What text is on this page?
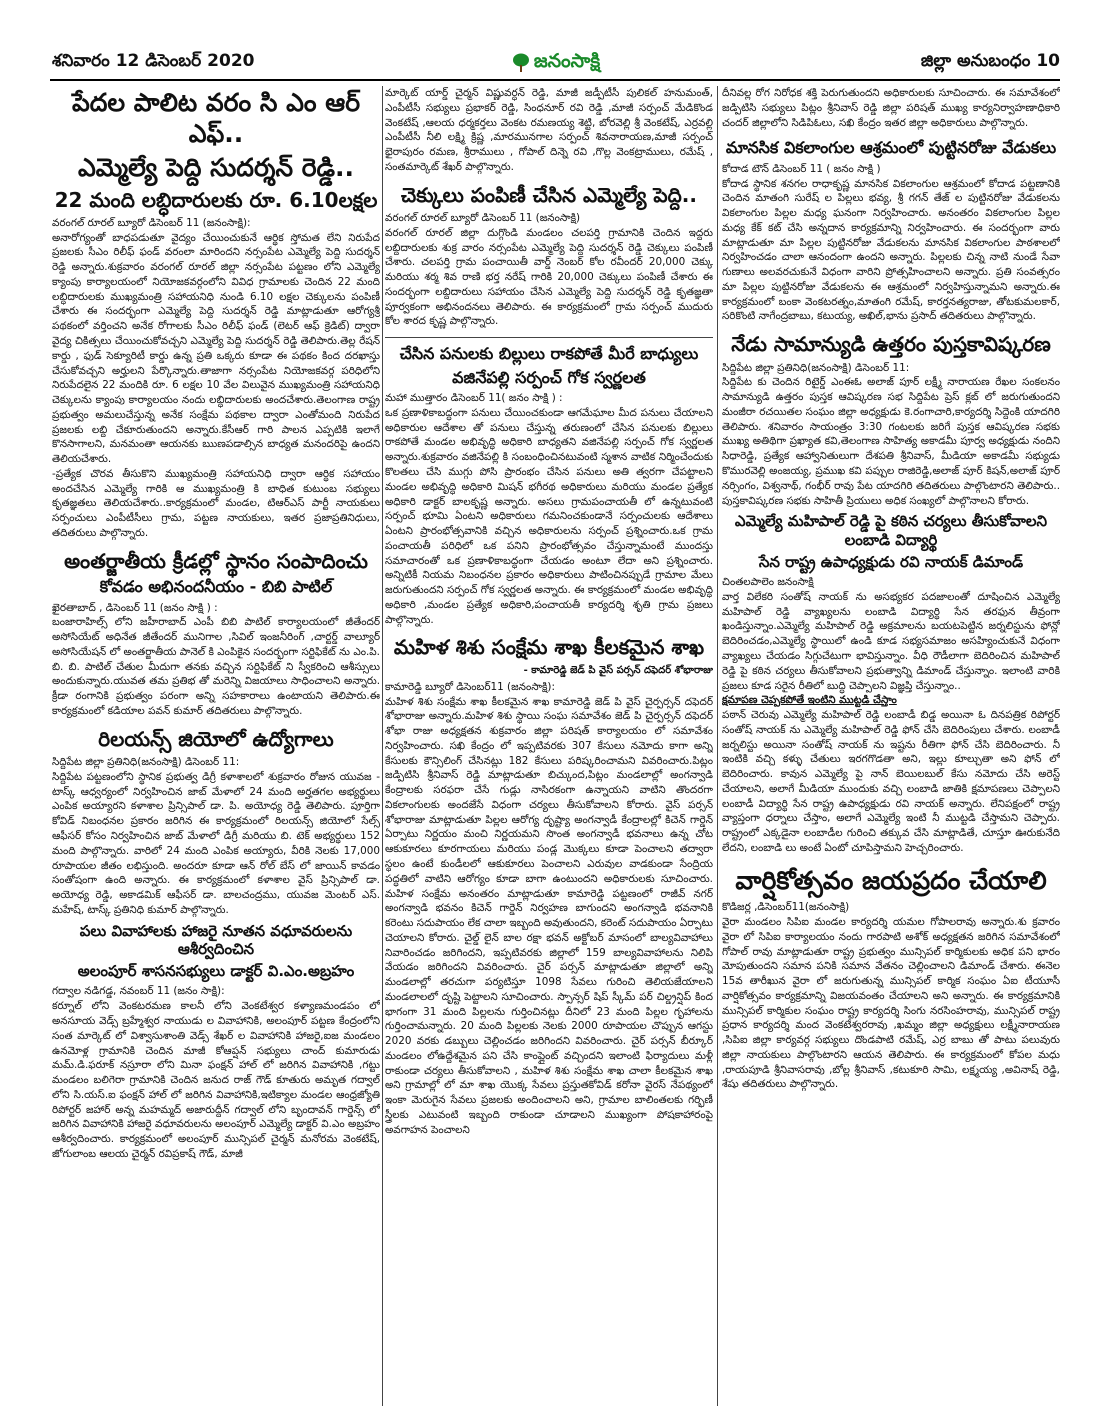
శనివారం 12 డిసెంబర్ 2020	జనంసాక్షి	జిల్లా అనుబంధం 10
పేదల పాలిట వరం సి ఎం ఆర్ ఎఫ్..
ఎమ్మెల్యే పెద్ది సుదర్శన్ రెడ్డి..
22 మంది లబ్ధిదారులకు రూ. 6.10లక్షల
వరంగల్ రూరల్ బ్యూరో డిసెంబర్ 11 (జనంసాక్షి):

అనారోగ్యంతో బాధపడుతూ వైద్యం చేయించుకునే ఆర్థిక స్తోమత లేని నిరుపేద ప్రజలకు సీఎం రిలీఫ్ ఫండ్ వరంలా మారిందని నర్సంపేట ఎమ్మెల్యే పెద్ది సుదర్శన్ రెడ్డి అన్నారు.శుక్రవారం వరంగల్ రూరల్ జిల్లా నర్సంపేట పట్టణం లోని ఎమ్మెల్యే క్యాంపు కార్యాలయంలో నియోజకవర్గంలోని వివిధ గ్రామాలకు చెందిన 22 మంది లబ్ధిదారులకు ముఖ్యమంత్రి సహాయనిధి నుండి 6.10 లక్షల చెక్కులను పంపిణీ చేశారు ఈ సందర్భంగా ఎమ్మెల్యే పెద్ది సుదర్శన్ రెడ్డి మాట్లాడుతూ ఆరోగ్యశ్రీ పథకంలో వర్తించని అనేక రోగాలకు సీఎం రిలీఫ్ ఫండ్ (లెటర్ ఆఫ్ క్రెడిట్) ద్వారా వైద్య చికిత్సలు చేయించుకోవచ్చని ఎమ్మెల్యే పెద్ది సుదర్శన్ రెడ్డి తెలిపారు.తెల్ల రేషన్ కార్డు , ఫుడ్ సెక్యూరిటీ కార్డు ఉన్న ప్రతి ఒక్కరు కూడా ఈ పథకం కింద దరఖాస్తు చేసుకోవచ్చని అర్హులని పేర్కొన్నారు.తాజాగా నర్సంపేట నియోజకవర్గ పరిధిలోని నిరుపేదలైన 22 మందికి రూ. 6 లక్షల 10 వేల విలువైన ముఖ్యమంత్రి సహాయనిధి చెక్కులను క్యాంపు కార్యాలయం నందు లబ్ధిదారులకు అందచేశారు.తెలంగాణ రాష్ట్ర ప్రభుత్వం అమలుచేస్తున్న అనేక సంక్షేమ పథకాల ద్వారా ఎంతోమంది నిరుపేద ప్రజలకు లబ్ది చేకూరుతుందని అన్నారు.కేసీఆర్ గారి పాలన ఎప్పటికి ఇలాగే కొనసాగాలని, మనమంతా ఆయనకు ఋణపడాల్సిన బాధ్యత మనందరిపై ఉందని తెలియచేశారు.

-ప్రత్యేక చొరవ తీసుకొని ముఖ్యమంత్రి సహాయనిధి ద్వారా ఆర్థిక సహాయం అందచేసిన ఎమ్మెల్యే గారికి ఆ ముఖ్యమంత్రి కి బాధిత కుటుంబ సభ్యులు కృతజ్ఞతలు తెలియచేశారు..కార్యక్రమంలో మండల, టిఆర్ఎస్ పార్టీ నాయకులు సర్పంచులు ఎంపీటీసీలు గ్రామ, పట్టణ నాయకులు, ఇతర ప్రజాప్రతినిధులు, తదితరులు పాల్గొన్నారు.

అంతర్జాతీయ క్రీడల్లో స్థానం సంపాదించు
కోవడం అభినందనీయం - బిబి పాటిల్
ఖైరతాబాద్ , డిసెంబర్ 11 (జనం సాక్షి ) :

బంజారాహిల్స్ లోని జహీరాబాద్ ఎంపీ బిబి పాటిల్ కార్యాలయంలో జీతేందర్ అసోసియేట్ అధినేత జీతేందర్ మునిగాల ,సివిల్ ఇంజనీరింగ్ ,చార్టర్డ్ వాల్యూర్ అసోసియేషన్ లో అంతర్జాతీయ పానెల్ కి ఎంపికైన సందర్భంగా సర్టిఫికేట్ ను ఎం.పి. బి. బి. పాటిల్ చేతుల మీదుగా తనకు వచ్చిన సర్టిఫికేట్ ని స్వీకరించి ఆశీస్సులు అందుకున్నారు.యువత తమ ప్రతిభ తో మరెన్ని విజయాలు సాధించాలని అన్నారు. క్రీడా రంగానికి ప్రభుత్వం పరంగా అన్ని సహకారాలు ఉంటాయని తెలిపారు.ఈ కార్యక్రమంలో కడియాల పవన్ కుమార్ తదితరులు పాల్గొన్నారు.

రిలయన్స్ జియోలో ఉద్యోగాలు
సిద్దిపేట జిల్లా ప్రతినిధి(జనంసాక్షి) డిసెంబర్ 11:

సిద్దిపేట పట్టణంలోని స్థానిక ప్రభుత్వ డిగ్రీ కళాశాలలో శుక్రవారం రోజున యువజ - టాస్క్ ఆధ్వర్యంలో నిర్వహించిన జాబ్ మేళాలో 24 మంది అర్హతగల అభ్యర్థులు ఎంపిక అయ్యారని కళాశాల ప్రిన్సిపాల్ డా. పి. అయోధ్య రెడ్డి తెలిపారు. పూర్తిగా కోవిడ్ నిబంధనల ప్రకారం జరిగిన ఈ కార్యక్రమంలో రిలయన్స్ జియోలో సేల్స్ ఆఫీసర్ కోసం నిర్వహించిన జాబ్ మేళాలో డిగ్రీ మరియు బి. టెక్ అభ్యర్థులు 152 మంది పాల్గొన్నారు. వారిలో 24 మంది ఎంపిక అయ్యారు, వీరికి నెలకు 17,000 రూపాయల జీతం లభిస్తుంది. అందరూ కూడా ఆన్ రోల్ బేస్ లో జాయిన్ కావడం సంతోషంగా ఉంది అన్నారు. ఈ కార్యక్రమంలో కళాశాల వైస్ ప్రిన్సిపాల్ డా. అయోధ్య రెడ్డి, అకాడమిక్ ఆఫీసర్ డా. బాలచంద్రము, యువజ మెంటర్ ఎస్. మహేష్, టాస్క్ ప్రతినిధి కుమార్ పాల్గొన్నారు.

పలు వివాహాలకు హాజరై నూతన వధూవరులను ఆశీర్వదించిన
అలంపూర్ శాసనసభ్యులు డాక్టర్ వి.ఎం.అబ్రహం
గద్వాల నడిగడ్డ, నవంబర్ 11 (జనం సాక్షి):

కర్నూల్ లోని వెంకటరమణ కాలనీ లోని వెంకటేశ్వర కళ్యాణమండపం లో అనసూయ వెడ్స్ బ్రహ్మేశ్వర నాయుడు ల వివాహానికి, అలంపూర్ పట్టణ కేంద్రంలోని సంత మార్కెట్ లో విశ్వాసుశాంతి వెడ్స్ శేఖర్ ల వివాహానికి హాజరై,ఐజ మండలం ఉనమోళ్ల గ్రామానికి చెందిన మాజీ కోఆప్షన్ సభ్యులు చాంద్ కుమారుడు మమ్.డి.ఫరూక్ నస్రూరా లోని మినా ఫంక్షన్ హాల్ లో జరిగిన వివాహానికి ,గట్టు మండలం బలిగెరా గ్రామానికి చెందిన జనుద రాజ్ గౌడ్ కూతురు అమృత గద్వాల్ లోని సి.యస్.ఐ ఫంక్షన్ హాల్ లో జరిగిన వివాహానికి,ఇటిక్యాల మండల ఆంధ్రజ్యోతి రిపోర్టర్ జహార్ అన్న మహమ్మద్ అజారుద్దీన్ గద్వాల్ లోని బృందావన్ గార్డెన్స్ లో జరిగిన వివాహానికి హాజరై వధూవరులను అలంపూర్ ఎమ్మెల్యే డాక్టర్ వి.ఎం అబ్రహం ఆశీర్వదించారు. కార్యక్రమంలో అలంపూర్ మున్సిపల్ చైర్మన్ మనోరమ వెంకటేష్, జోగులాంబ ఆలయ చైర్మన్ రవిప్రకాష్ గౌడ్, మాజీ

మార్కెట్ యార్డ్ చైర్మన్ విష్ణువర్ధన్ రెడ్డి, మాజీ జడ్పీటీసీ పులికల్ హనుమంత్, ఎంపీటీసీ సభ్యులు ప్రభాకర్ రెడ్డి, సింధనూర్ రవి రెడ్డి ,మాజీ సర్పంచ్ మేడికొండ వెంకటేష్ ,ఆలయ ధర్మకర్తలు వెంకట రమణయ్య శెట్టి, బోరవెల్లి శ్రీ వెంకటేష్, ఎర్రవల్లి ఎంపీటీసీ నీలి లక్ష్మి క్రిష్ణ ,మారమునగాల సర్పంచ్ శివనారాయణ,మాజీ సర్పంచ్ భైరాపురం రమణ, శ్రీరాములు , గోపాల్ దిన్నె రవి ,గొల్ల వెంకట్రాములు, రమేష్ , సంతమార్కెట్ శేఖర్ పాల్గొన్నారు.

చెక్కులు పంపిణీ చేసిన ఎమ్మెల్యే పెద్ది..
వరంగల్ రూరల్ బ్యూరో డిసెంబర్ 11 (జనంసాక్షి)

వరంగల్ రూరల్ జిల్లా దుగ్గొండి మండలం చలపర్తి గ్రామానికి చెందిన ఇద్దరు లబ్దిదారులకు శుక్ర వారం నర్సంపేట ఎమ్మెల్యే పెద్ది సుదర్శన్ రెడ్డి చెక్కులు పంపిణీ చేశారు. చలపర్తి గ్రామ పంచాయితీ వార్డ్ నెంబర్ కోల రవీందర్ 20,000 చెక్కు మరియు శర్మ శివ రాణి భర్త నరేష్ గారికి 20,000 చెక్కులు పంపిణీ చేశారు ఈ సందర్భంగా లబ్దిదారులు సహాయం చేసిన ఎమ్మెల్యే పెద్ది సుదర్శన్ రెడ్డి కృతజ్ఞతా పూర్వకంగా అభినందనలు తెలిపారు. ఈ కార్యక్రమంలో గ్రామ సర్పంచ్ ముదురు కోల శారద కృష్ణ పాల్గొన్నారు.

చేసిన పనులకు బిల్లులు రాకపోతే మీరే బాధ్యులు
వజినేపల్లి సర్పంచ్ గోక స్వర్ణలత
మహా ముత్తారం డిసెంబర్ 11( జనం సాక్షి ) :

ఒక ప్రణాళికాబద్ధంగా పనులు చేయించకుండా ఆగమేఘాల మీద పనులు చేయాలని అధికారుల ఆదేశాల తో పనులు చేస్తున్న తరుణంలో చేసిన పనులకు బిల్లులు రాకపోతే మండల అభివృద్ధి అధికారి బాధ్యతని వజినేపల్లి సర్పంచ్ గోక స్వర్ణలత అన్నారు.శుక్రవారం వజినేపల్లి కి సంబంధించినటువంటి స్మశాన వాటిక నిర్మించేందుకు కొలతలు చేసి ముగ్గు పోసి ప్రారంభం చేసిన పనులు అతి త్వరగా చేపట్టాలని మండల అభివృద్ధి అధికారి మిషన్ భగీరథ అధికారులు మరియు మండల ప్రత్యేక అధికారి డాక్టర్ బాలకృష్ణ అన్నారు. అసలు గ్రామపంచాయతీ లో ఉన్నటువంటి సర్పంచ్ భూమి ఏంటని అధికారులు గమనించకుండానే సర్పంచులకు ఆదేశాలు ఏంటని ప్రారంభోత్సవానికి వచ్చిన అధికారులను సర్పంచ్ ప్రశ్నించారు.ఒక గ్రామ పంచాయతీ పరిధిలో ఒక పనిని ప్రారంభోత్సవం చేస్తున్నామంటే ముందస్తు సమాచారంతో ఒక ప్రణాళికాబద్ధంగా చేయడం అంటూ లేదా అని ప్రశ్నించారు. అన్నిటికీ నియమ నిబంధనల ప్రకారం అధికారులు పాటించినప్పుడే గ్రామాల మేలు జరుగుతుందని సర్పంచ్ గోక స్వర్ణలత అన్నారు. ఈ కార్యక్రమంలో మండల అభివృద్ధి అధికారి ,మండల ప్రత్యేక అధికారి,పంచాయతీ కార్యదర్శి శృతి గ్రామ ప్రజలు పాల్గొన్నారు.

మహిళ శిశు సంక్షేమ శాఖ కీలకమైన శాఖ
- కామారెడ్డి జెడ్ పి వైస్ పర్సన్ దఫెదర్ శోభారాజు
కామారెడ్డి బ్యూరో డిసెంబర్11 (జనంసాక్షి):

మహిళ శిశు సంక్షేమ శాఖ కీలకమైన శాఖ కామారెడ్డి జెడ్ పి వైస్ చైర్పర్సన్ దఫెదర్ శోభారాజు అన్నారు.మహిళ శిశు స్థాయి సంఘ సమావేశం జెడ్ పి చైర్పర్సన్ దఫెదర్ శోభా రాజు అధ్యక్షతన శుక్రవారం జిల్లా పరిషత్ కార్యాలయం లో సమావేశం నిర్వహించారు. సఖి కేంద్రం లో ఇప్పటివరకు 307 కేసులు నమోదు కాగా అన్ని కేసులకు కౌన్సిలింగ్ చేసినట్లు 182 కేసులు పరిష్కరించామని వివరించారు.పిట్లం జడ్పిటిసి శ్రీనివాస్ రెడ్డి మాట్లాడుతూ బిచ్కుంద,పిట్లం మండలాల్లో అంగన్వాడి కేంద్రాలకు సరఫరా చేసే గుడ్లు నాసిరకంగా ఉన్నాయని వాటిని తొందరగా వికలాంగులకు అందజేసే విధంగా చర్యలు తీసుకోవాలని కోరారు. వైస్ పర్సన్ శోభారాజు మాట్లాడుతూ పిల్లల ఆరోగ్య దృష్ట్యా అంగన్వాడీ కేంద్రాలల్లో కిచెన్ గార్డెన్ ఏర్పాటు నిర్ణయం మంచి నిర్ణయమని సొంత అంగన్వాడీ భవనాలు ఉన్న చోట ఆకుకూరలు కూరగాయలు మరియు పండ్ల మొక్కలు కూడా పెంచాలని తద్వారా స్థలం ఉంటే కుండీలలో ఆకుకూరలు పెంచాలని ఎరువుల వాడకుండా సేంద్రియ పద్ధతిలో వాటిని ఆరోగ్యం కూడా బాగా ఉంటుందని అధికారులకు సూచించారు. మహిళ సంక్షేమ అనంతరం మాట్లాడుతూ కామారెడ్డి పట్టణంలో రాజీవ్ నగర్ అంగన్వాడి భవనం కిచెన్ గార్డెన్ నిర్వహణ బాగుందని అంగన్వాడి భవనానికి కరెంటు సదుపాయం లేక చాలా ఇబ్బంది అవుతుందని, కరెంట్ సదుపాయం ఏర్పాటు చెయాలని కోరారు. చైల్డ్ లైన్ బాల రక్షా భవన్ అక్టోబర్ మాసంలో బాల్యవివాహాలు నివారించడం జరిగిందని, ఇప్పటివరకు జిల్లాలో 159 బాల్యవివాహాలను నిలిపి వేయడం జరిగిందని వివరించారు. చైర్ పర్సన్ మాట్లాడుతూ జిల్లాలో అన్ని మండలాల్లో తరచుగా పర్యటిస్తూ 1098 సేవలు గురించి తెలియజేయాలని మండలాలలో దృష్టి పెట్టాలని సూచించారు. స్పాన్సర్ షిప్ స్కీమ్ పర్ చిల్డ్రన్షిప్ కింద భాగంగా 31 మంది పిల్లలను గుర్తించినట్లు దీనిలో 23 మంది పిల్లల గృహాలను గుర్తించామన్నారు. 20 మంది పిల్లలకు నెలకు 2000 రూపాయల చొప్పున ఆగస్టు 2020 వరకు డబ్బులు చెల్లించడం జరిగిందని వివరించారు. చైర్ పర్సన్ బీర్కూర్ మండలం లోఉద్దేశమైన పని చేసి కాంప్లైంట్ వచ్చిందని ఇలాంటి ఫిర్యాదులు మళ్లీ రాకుండా చర్యలు తీసుకోవాలని , మహిళ శిశు సంక్షేమ శాఖ చాలా కీలకమైన శాఖ అని గ్రామాల్లో లో మా శాఖ యొక్క సేవలు ప్రస్తుతకోవిడ్ కరోనా వైరస్ నేపథ్యంలో ఇంకా మెరుగైన సేవలు ప్రజలకు అందించాలని అని, గ్రామాల బాలింతలకు గర్భిణీ స్త్రీలకు ఎటువంటి ఇబ్బంది రాకుండా చూడాలని ముఖ్యంగా పోషకాహారంపై అవగాహన పెంచాలని

దీనివల్ల రోగ నిరోధక శక్తి పెరుగుతుందని అధికారులకు సూచించారు. ఈ సమావేశంలో జడ్పిటిసి సభ్యులు పిట్లం శ్రీనివాస్ రెడ్డి జిల్లా పరిషత్ ముఖ్య కార్యనిర్వాహణాధికారి చందర్ జిల్లాలోని సిడిపిఓలు, సఖి కేంద్రం ఇతర జిల్లా అధికారులు పాల్గొన్నారు.

మానసిక వికలాంగుల ఆశ్రమంలో పుట్టినరోజు వేడుకలు
కోదాడ టౌన్ డిసెంబర్ 11 ( జనం సాక్షి )

కోదాడ స్థానిక శనగల రాధాకృష్ణ మానసిక వికలాంగుల ఆశ్రమంలో కోదాడ పట్టణానికి చెందిన మాతంగి సురేష్ ల పిల్లలు భవ్య, శ్రీ గగన్ తేజ్ ల పుట్టినరోజు వేడుకలను వికలాంగుల పిల్లల మధ్య ఘనంగా నిర్వహించారు. అనంతరం వికలాంగుల పిల్లల మధ్య కేక్ కట్ చేసి అన్నదాన కార్యక్రమాన్ని నిర్వహించారు. ఈ సందర్భంగా వారు మాట్లాడుతూ మా పిల్లల పుట్టినరోజు వేడుకలను మానసిక వికలాంగుల పాఠశాలలో నిర్వహించడం చాలా ఆనందంగా ఉందని అన్నారు. పిల్లలకు చిన్న నాటి నుండే సేవా గుణాలు అలవరచుకునే విధంగా వారిని ప్రోత్సహించాలని అన్నారు. ప్రతి సంవత్సరం మా పిల్లల పుట్టినరోజు వేడుకలను ఈ ఆశ్రమంలో నిర్వహిస్తున్నామని అన్నారు.ఈ కార్యక్రమంలో బంకా వెంకటరత్నం,మాతంగి రమేష్, కారర్తనత్యరాజు, తోటకుమలకార్, సరికొంటి నాగేంద్రబాబు, కటుయ్య, అఖిల్,భాను ప్రసాద్ తదితరులు పాల్గొన్నారు.

నేడు సామాన్యుడి ఉత్తరం పుస్తకావిష్కరణ
సిద్దిపేట జిల్లా ప్రతినిధి(జనంసాక్షి) డిసెంబర్ 11:

సిద్దిపేట కు చెందిన రిటైర్డ్ ఎంఈఓ అలాజ్ పూర్ లక్ష్మీ నారాయణ రేఖల సంకలనం సామాన్యుడి ఉత్తరం పుస్తక ఆవిష్కరణ సభ సిద్దిపేట ప్రెస్ క్లబ్ లో జరుగుతుందని మంజీరా రచయితల సంఘం జిల్లా అధ్యక్షుడు కె.రంగాచారి,కార్యదర్శి సిద్దెంకి యాదగిరి తెలిపారు. శనివారం సాయంత్రం 3:30 గంటలకు జరిగే పుస్తక ఆవిష్కరణ సభకు ముఖ్య అతిథిగా ప్రఖ్యాత కవి,తెలంగాణ సాహిత్య అకాడమీ పూర్వ అధ్యక్షుడు నందిని సిధారెడ్డి, ప్రత్యేక ఆహ్వానితులుగా దేశపతి శ్రీనివాస్, మీడియా అకాడమీ సభ్యుడు కొమురవెల్లి అంజయ్య, ప్రముఖ కవి పప్పుల రాజిరెడ్డి,అలాజ్ పూర్ కిషన్,అలాజ్ పూర్ నర్సింగం, విశ్వనాథ్, గంభీర్ రావు పేట యాదగిరి తదితరులు పాల్గొంటారని తెలిపారు.. పుస్తకావిష్కరణ సభకు సాహితీ ప్రియులు అధిక సంఖ్యలో పాల్గొనాలని కోరారు.

ఎమ్మెల్యే మహిపాల్ రెడ్డి పై కఠిన చర్యలు తీసుకోవాలని లంబాడి విద్యార్థి
సేన రాష్ట్ర ఉపాధ్యక్షుడు రవి నాయక్ డిమాండ్
చింతలపాలెం జనంసాక్షి

వార్త విలేకరి సంతోష్ నాయక్ ను అసభ్యకర పదజాలంతో దూషించిన ఎమ్మెల్యే మహిపాల్ రెడ్డి వ్యాఖ్యలను లంబాడి విద్యార్థి సేన తరఫున తీవ్రంగా ఖండిస్తున్నాం.ఎమ్మెల్యే మహిపాల్ రెడ్డి అక్రమాలను బయటపెట్టిన జర్నలిస్టును ఫోన్లో బెదిరించడం,ఎమ్మెల్యే స్థాయిలో ఉండి కూడ సభ్యసమాజం అసహ్యించుకునే విధంగా వ్యాఖ్యలు చేయడం సిగ్గుచేటుగా భావిస్తున్నాం. వీధి రౌడీలాగా బెదిరించిన మహిపాల్ రెడ్డి పై కఠిన చర్యలు తీసుకోవాలని ప్రభుత్వాన్ని డిమాండ్ చేస్తున్నాం. ఇలాంటి వారికి ప్రజలు కూడ సరైన రీతిలో బుద్ధి చెప్పాలని విజ్ఞప్తి చేస్తున్నాం..

క్షమాపణ చెప్పకపోతే ఇంటిని ముట్టడి చేస్తాం

పఠాన్ చెరువు ఎమ్మెల్యే మహిపాల్ రెడ్డి లంబాడీ బిడ్డ అయినా ఓ దినపత్రిక రిపోర్టర్ సంతోష్ నాయక్ ను ఎమ్మెల్యే మహిపాల్ రెడ్డి ఫోన్ చేసి బెదిరింపులు చేశారు. లంబాడీ జర్నలిస్టు అయినా సంతోష్ నాయక్ ను ఇష్టను రీతిగా ఫోన్ చేసి బెదిరించారు. నీ ఇంటికి వచ్చి కళ్ళు చేతులు ఇరగగొడతా అని, ఇల్లు కూల్చుతా అని ఫోన్ లో బెదిరించారు. కావున ఎమ్మెల్యే పై నాన్ బెయిలబుల్ కేసు నమోదు చేసి అరెస్ట్ చేయాలని, అలాగే మీడియా ముందుకు వచ్చి లంబాడి జాతికి క్షమాపణలు చెప్పాలని లంబాడీ విద్యార్థి సేన రాష్ట్ర ఉపాధ్యక్షుడు రవి నాయక్ అన్నారు. లేనిపక్షంలో రాష్ట్ర వ్యాప్తంగా ధర్నాలు చేస్తాం, అలాగే ఎమ్మెల్యే ఇంటి నీ ముట్టడి చేస్తామని చెప్పారు. రాష్ట్రంలో ఎక్కడైనా లంబాడీల గురించి తక్కువ చేసి మాట్లాడితే, చూస్తూ ఊరుకునేది లేదని, లంబాడి లు అంటే ఏంటో చూపిస్తామని హెచ్చరించారు.

వార్షికోత్సవం జయప్రదం చేయాలి
కొడిజర్ల ,డిసెంబర్11(జనంసాక్షి)

వైరా మండలం సిపిఐ మండల కార్యదర్శి యమల గోపాలరావు అన్నారు.శు క్రవారం వైరా లో సిపిఐ కార్యాలయం నందు గారపాటి అశోక్ అధ్యక్షతన జరిగిన సమావేశంలో గోపాల్ రావు మాట్లాడుతూ రాష్ట్ర ప్రభుత్వం మున్సిపల్ కార్మికులకు అధిక పని భారం మోపుతుందని సమాన పనికి సమాన వేతనం చెల్లించాలని డిమాండ్ చేశారు. ఈనెల 15వ తారీఖున వైరా లో జరుగుతున్న మున్సిపల్ కార్మిక సంఘం ఏఐ టీయూసీ వార్షికోత్సవం కార్యక్రమాన్ని విజయవంతం చేయాలని అని అన్నారు. ఈ కార్యక్రమానికి మున్సిపల్ కార్మికుల సంఘం రాష్ట్ర కార్యదర్శి సింగు నరసింహరావు, మున్సిపల్ రాష్ట్ర ప్రధాన కార్యదర్శి మంద వెంకటేశ్వరరావు ,ఖమ్మం జిల్లా అధ్యక్షులు లక్ష్మీనారాయణ ,సిపిఐ జిల్లా కార్యవర్గ సభ్యులు దొండపాటి రమేష్, ఎర్ర బాబు తో పాటు పలువురు జిల్లా నాయకులు పాల్గొంటారని ఆయన తెలిపారు. ఈ కార్యక్రమంలో కోపల మధు ,రాయపూడి శ్రీనివాసరావు ,బోల్ల శ్రీనివాస్ ,కటుకూరి సామి, లక్ష్మయ్య ,అవినాష్ రెడ్డి, శేషు తదితరులు పాల్గొన్నారు.
